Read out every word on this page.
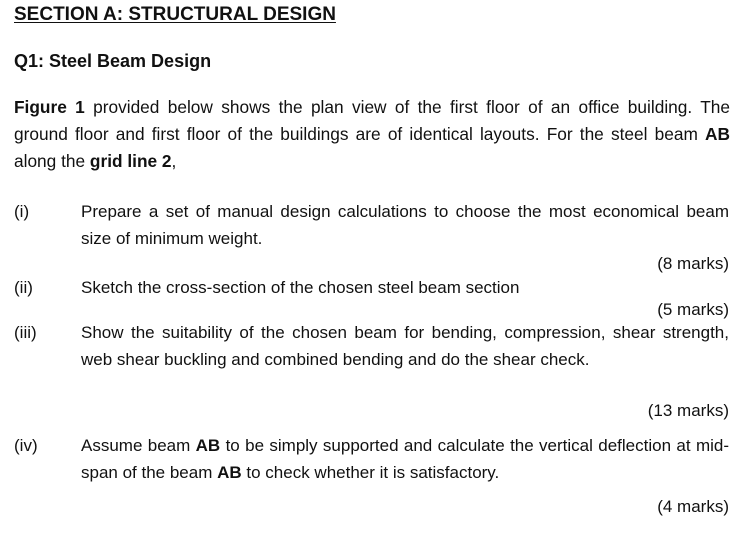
SECTION A: STRUCTURAL DESIGN
Q1: Steel Beam Design
Figure 1 provided below shows the plan view of the first floor of an office building. The ground floor and first floor of the buildings are of identical layouts. For the steel beam AB along the grid line 2,
(i)	Prepare a set of manual design calculations to choose the most economical beam size of minimum weight.
(8 marks)
(ii)	Sketch the cross-section of the chosen steel beam section
(5 marks)
(iii)	Show the suitability of the chosen beam for bending, compression, shear strength, web shear buckling and combined bending and do the shear check.
(13 marks)
(iv)	Assume beam AB to be simply supported and calculate the vertical deflection at mid-span of the beam AB to check whether it is satisfactory.
(4 marks)
